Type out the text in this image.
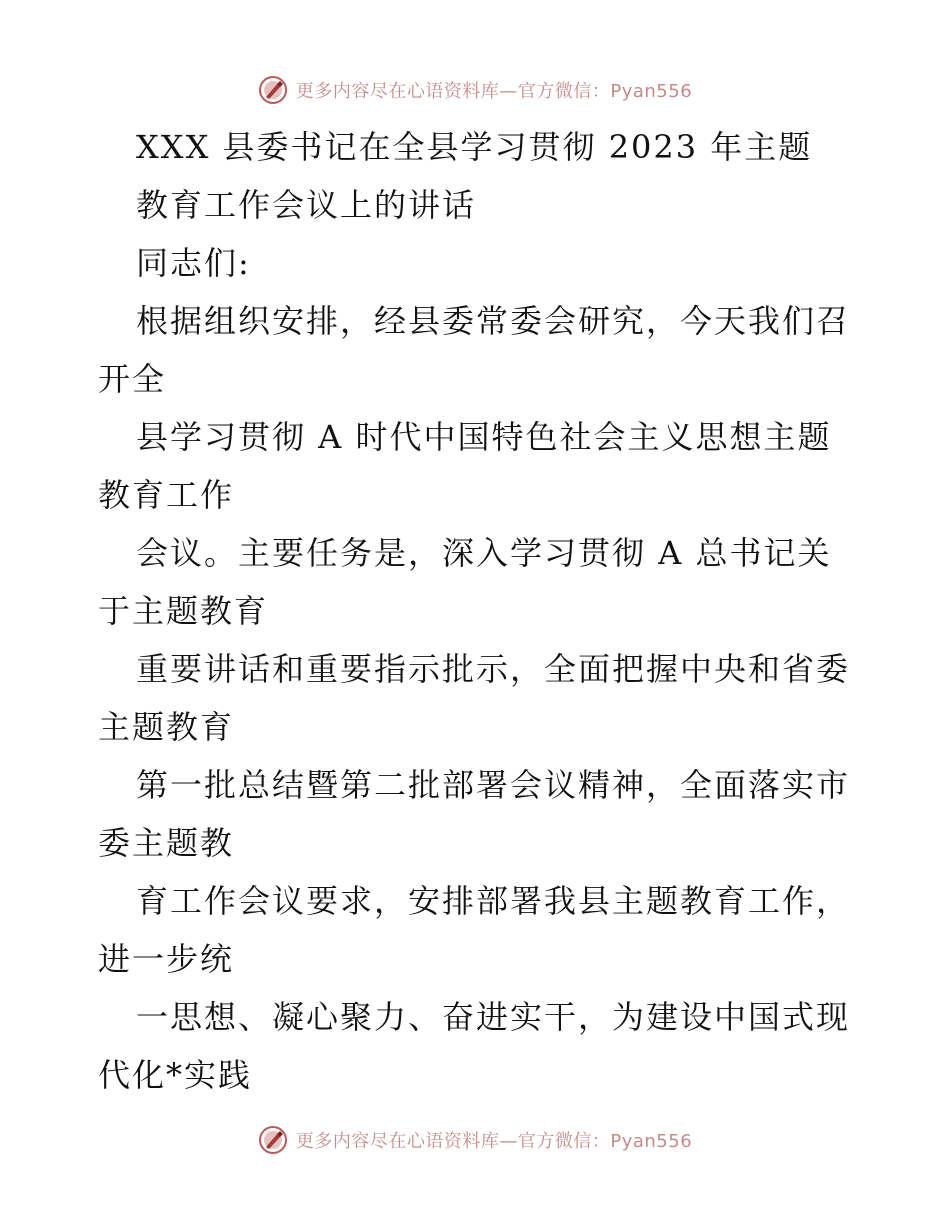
更多内容尽在心语资料库—官方微信：Pyan556
XXX 县委书记在全县学习贯彻 2023 年主题
教育工作会议上的讲话
同志们:
根据组织安排，经县委常委会研究，今天我们召
开全
县学习贯彻 A 时代中国特色社会主义思想主题
教育工作
会议。主要任务是，深入学习贯彻 A 总书记关
于主题教育
重要讲话和重要指示批示，全面把握中央和省委
主题教育
第一批总结暨第二批部署会议精神，全面落实市
委主题教
育工作会议要求，安排部署我县主题教育工作，
进一步统
一思想、凝心聚力、奋进实干，为建设中国式现
代化*实践
更多内容尽在心语资料库—官方微信：Pyan556
